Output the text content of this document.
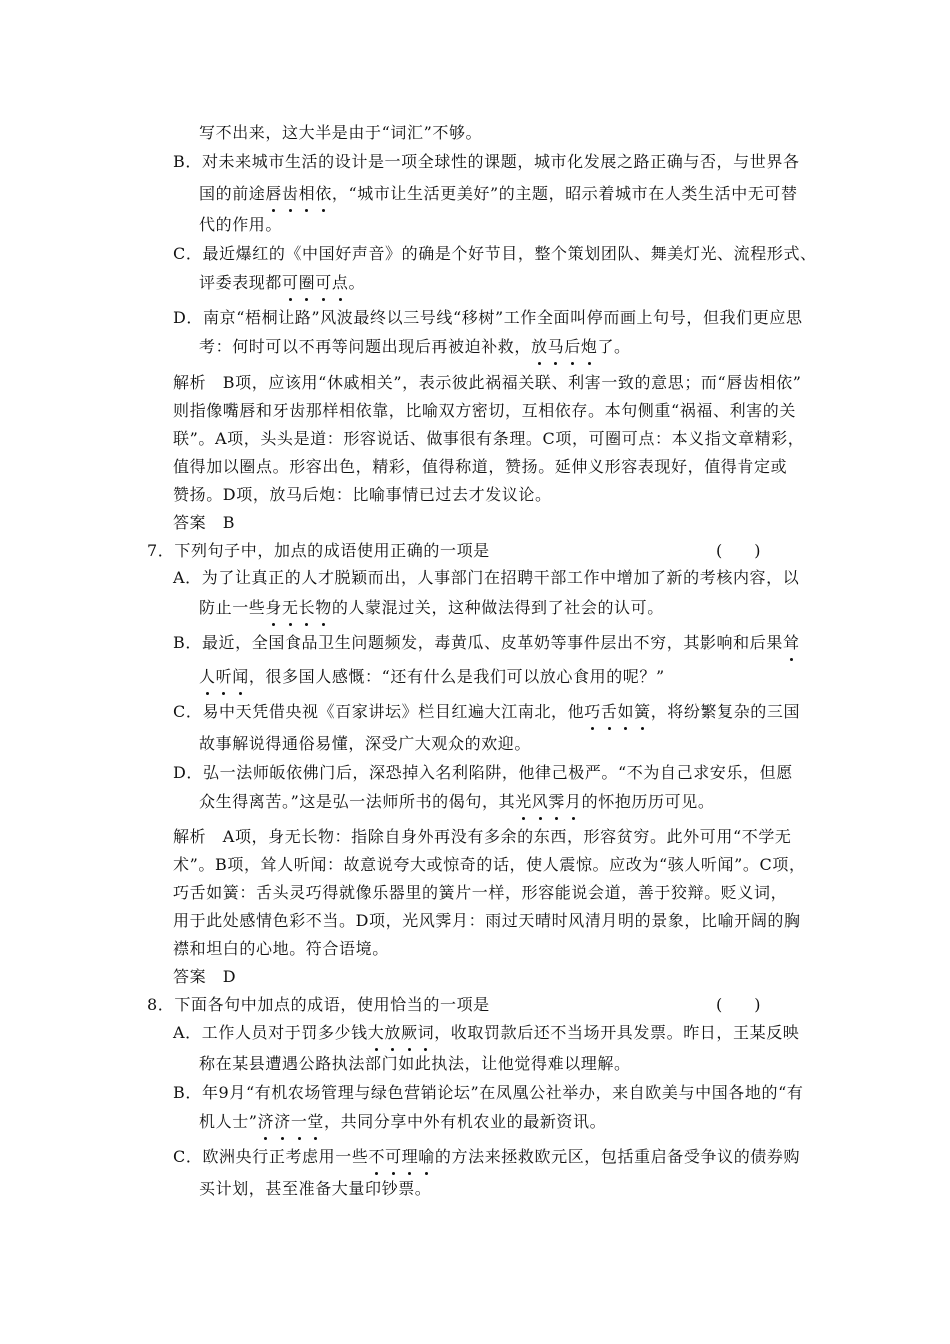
写不出来，这大半是由于“词汇”不够。
B．对未来城市生活的设计是一项全球性的课题，城市化发展之路正确与否，与世界各
国的前途唇齿相依，“城市让生活更美好”的主题，昭示着城市在人类生活中无可替
代的作用。
C．最近爆红的《中国好声音》的确是个好节目，整个策划团队、舞美灯光、流程形式、
评委表现都可圈可点。
D．南京“梧桐让路”风波最终以三号线“移树”工作全面叫停而画上句号，但我们更应思
考：何时可以不再等问题出现后再被迫补救，放马后炮了。
解析　B项，应该用“休戚相关”，表示彼此祸福关联、利害一致的意思；而“唇齿相依”
则指像嘴唇和牙齿那样相依靠，比喻双方密切，互相依存。本句侧重“祸福、利害的关
联”。A项，头头是道：形容说话、做事很有条理。C项，可圈可点：本义指文章精彩，
值得加以圈点。形容出色，精彩，值得称道，赞扬。延伸义形容表现好，值得肯定或
赞扬。D项，放马后炮：比喻事情已过去才发议论。
答案　B
7．下列句子中，加点的成语使用正确的一项是	(　　)
A．为了让真正的人才脱颖而出，人事部门在招聘干部工作中增加了新的考核内容，以
防止一些身无长物的人蒙混过关，这种做法得到了社会的认可。
B．最近，全国食品卫生问题频发，毒黄瓜、皮革奶等事件层出不穷，其影响和后果耸
人听闻，很多国人感慨：“还有什么是我们可以放心食用的呢？”
C．易中天凭借央视《百家讲坛》栏目红遍大江南北，他巧舌如簧，将纷繁复杂的三国
故事解说得通俗易懂，深受广大观众的欢迎。
D．弘一法师皈依佛门后，深恐掉入名利陷阱，他律己极严。“不为自己求安乐，但愿
众生得离苦。”这是弘一法师所书的偈句，其光风霁月的怀抱历历可见。
解析　A项，身无长物：指除自身外再没有多余的东西，形容贫穷。此外可用“不学无
术”。B项，耸人听闻：故意说夸大或惊奇的话，使人震惊。应改为“骇人听闻”。C项，
巧舌如簧：舌头灵巧得就像乐器里的簧片一样，形容能说会道，善于狡辩。贬义词，
用于此处感情色彩不当。D项，光风霁月：雨过天晴时风清月明的景象，比喻开阔的胸
襟和坦白的心地。符合语境。
答案　D
8．下面各句中加点的成语，使用恰当的一项是	(　　)
A．工作人员对于罚多少钱大放厥词，收取罚款后还不当场开具发票。昨日，王某反映
称在某县遭遇公路执法部门如此执法，让他觉得难以理解。
B．年9月“有机农场管理与绿色营销论坛”在凤凰公社举办，来自欧美与中国各地的“有
机人士”济济一堂，共同分享中外有机农业的最新资讯。
C．欧洲央行正考虑用一些不可理喻的方法来拯救欧元区，包括重启备受争议的债券购
买计划，甚至准备大量印钞票。
